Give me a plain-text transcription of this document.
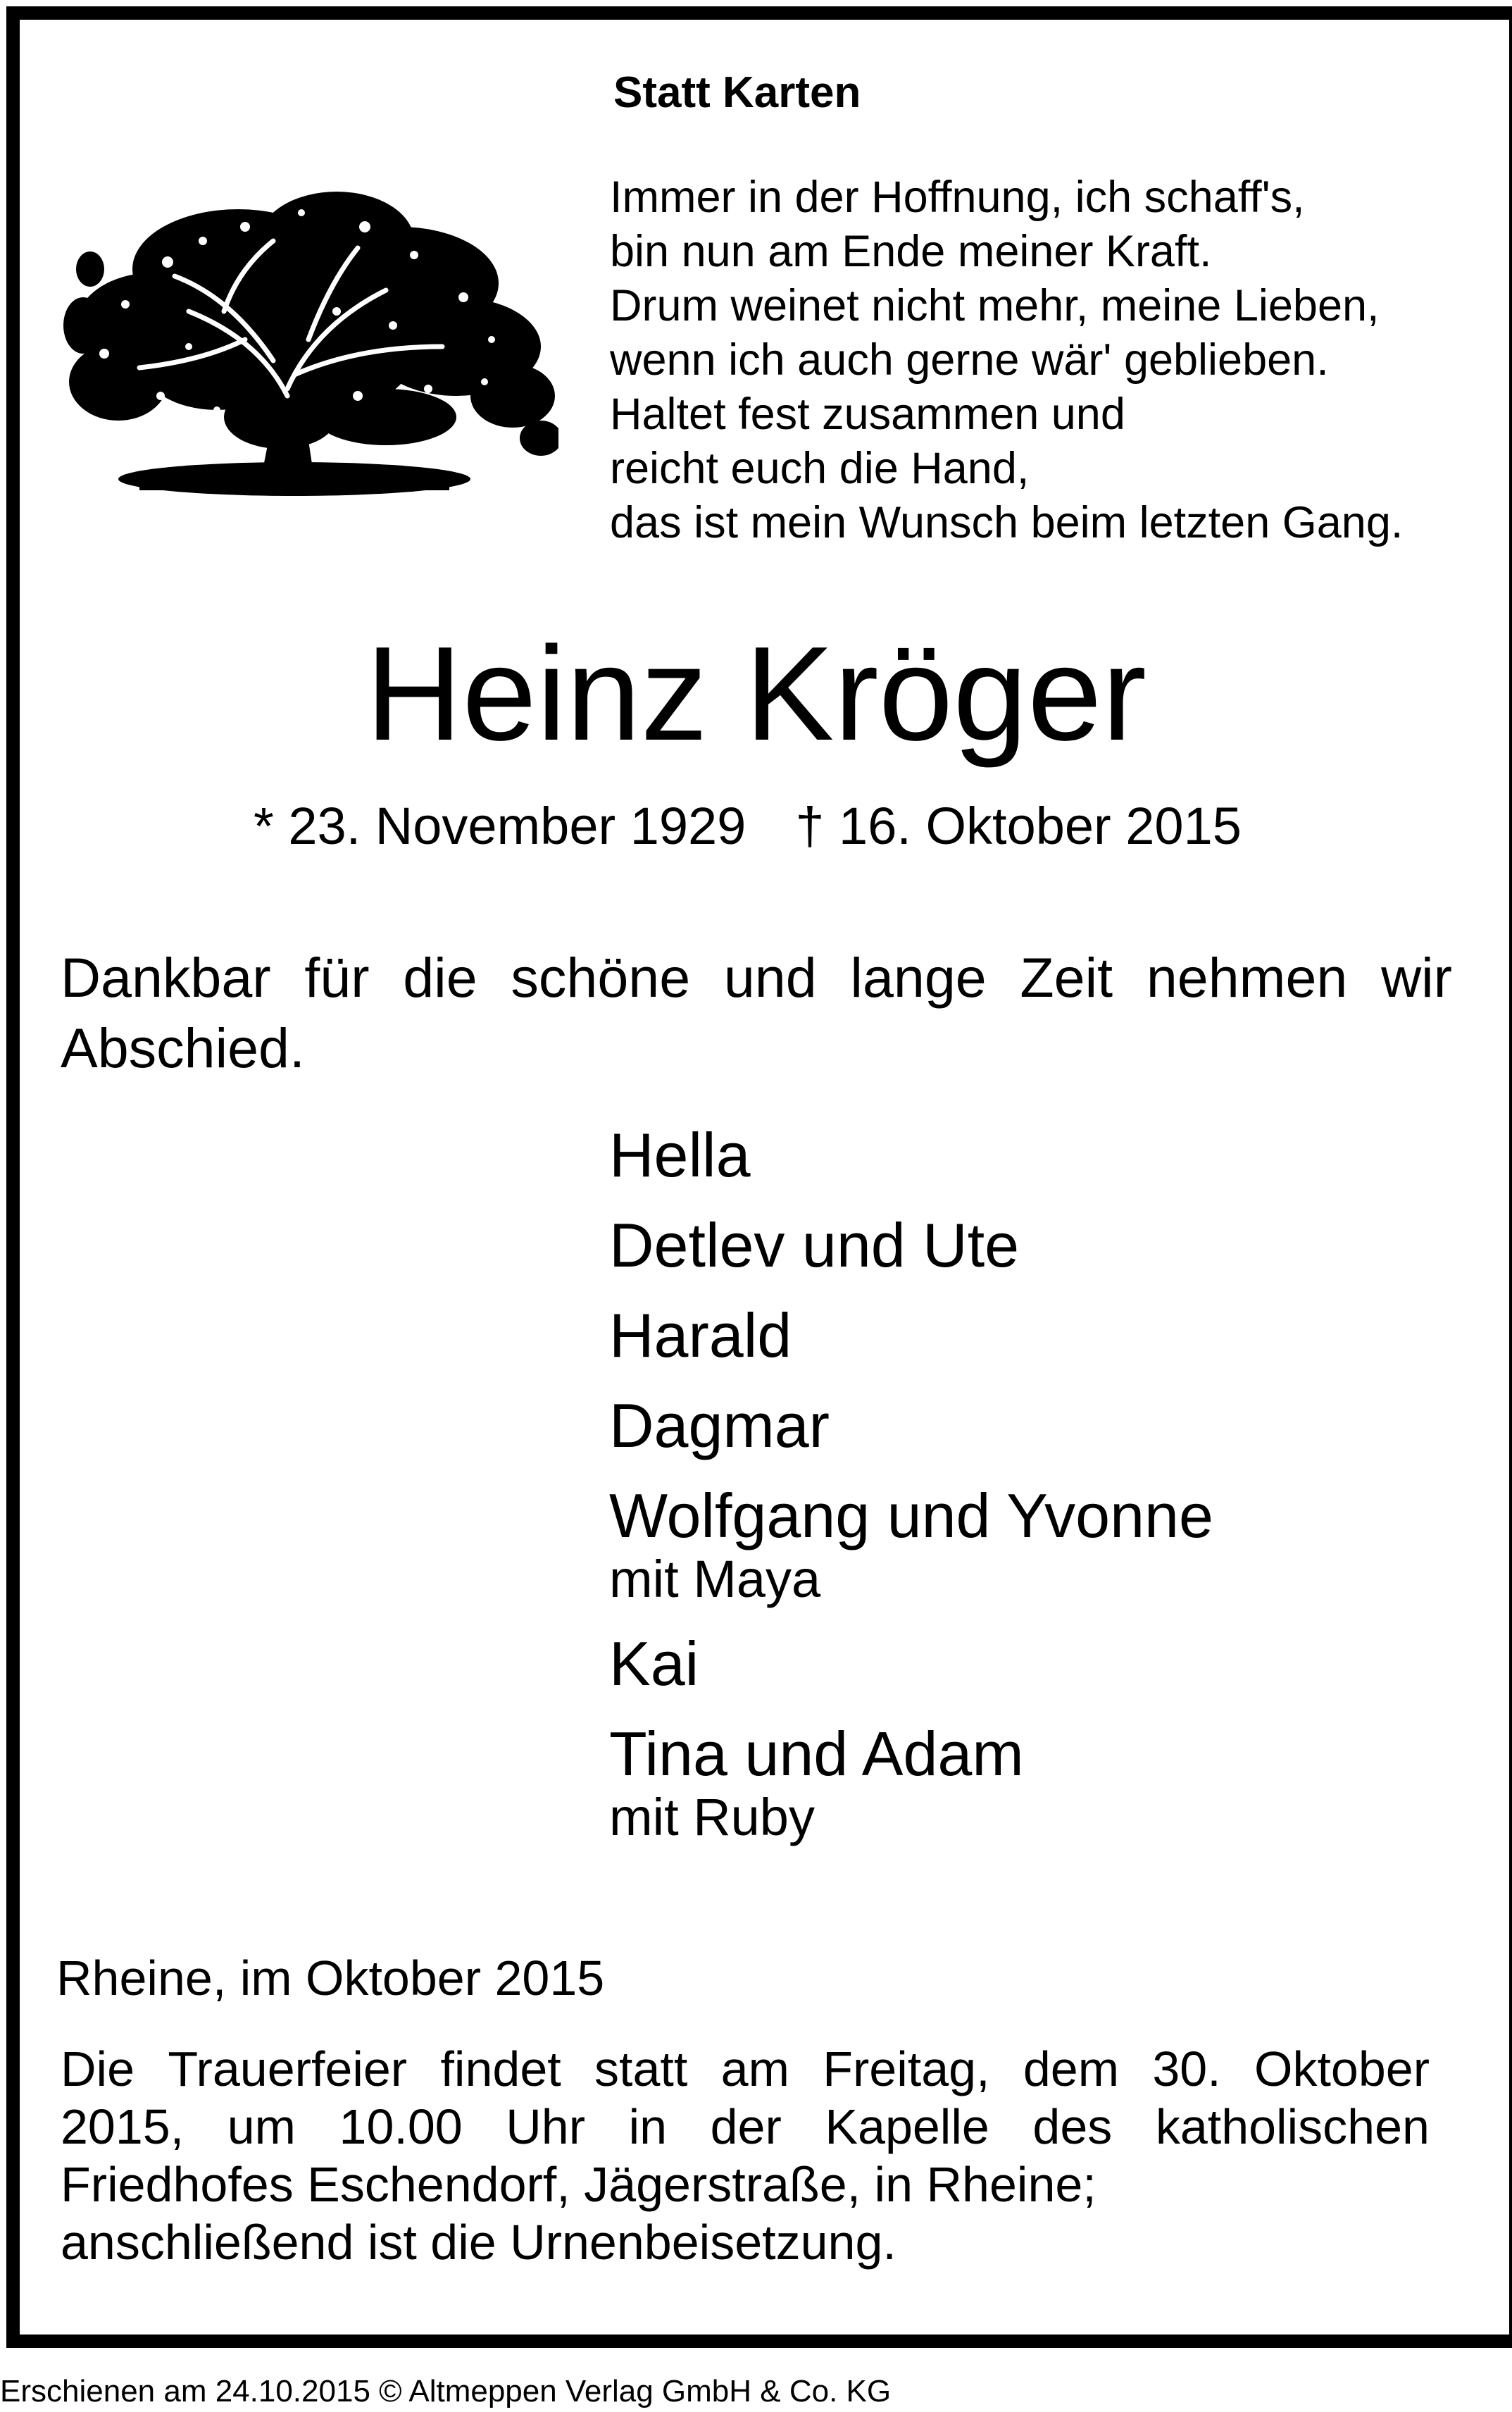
Statt Karten
Immer in der Hoffnung, ich schaff's,
bin nun am Ende meiner Kraft.
Drum weinet nicht mehr, meine Lieben,
wenn ich auch gerne wär' geblieben.
Haltet fest zusammen und
reicht euch die Hand,
das ist mein Wunsch beim letzten Gang.
Heinz Kröger
* 23. November 1929 † 16. Oktober 2015
Dankbar für die schöne und lange Zeit nehmen wir
Abschied.
Hella
Detlev und Ute
Harald
Dagmar
Wolfgang und Yvonne
mit Maya
Kai
Tina und Adam
mit Ruby
Rheine, im Oktober 2015
Die Trauerfeier findet statt am Freitag, dem 30. Oktober
2015, um 10.00 Uhr in der Kapelle des katholischen
Friedhofes Eschendorf, Jägerstraße, in Rheine;
anschließend ist die Urnenbeisetzung.
Erschienen am 24.10.2015 © Altmeppen Verlag GmbH & Co. KG
